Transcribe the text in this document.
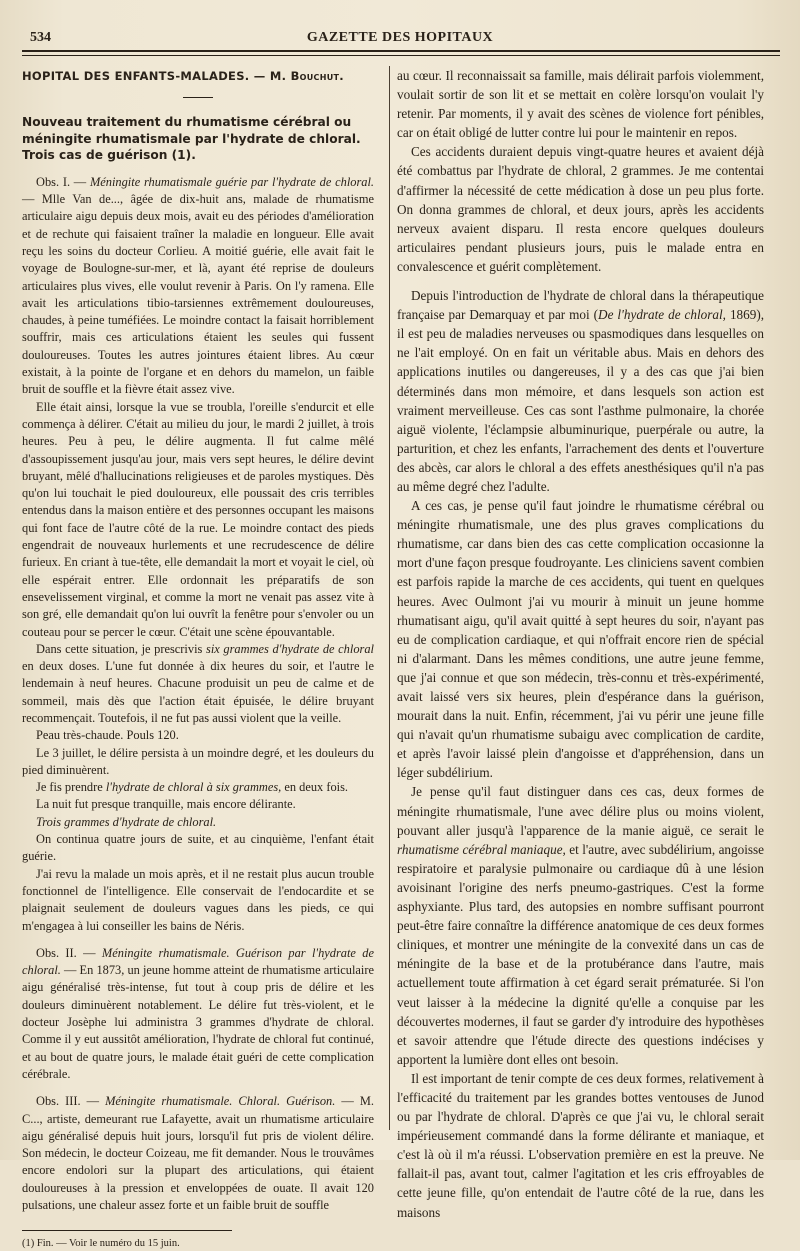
534	GAZETTE DES HOPITAUX

HOPITAL DES ENFANTS-MALADES. — M. Bouchut.

Nouveau traitement du rhumatisme cérébral ou méningite rhumatismale par l'hydrate de chloral. Trois cas de guérison (1).

Obs. I. — Méningite rhumatismale guérie par l'hydrate de chloral. — Mlle Van de..., âgée de dix-huit ans, malade de rhumatisme articulaire aigu depuis deux mois, avait eu des périodes d'amélioration et de rechute qui faisaient traîner la maladie en longueur. Elle avait reçu les soins du docteur Corlieu. A moitié guérie, elle avait fait le voyage de Boulogne-sur-mer, et là, ayant été reprise de douleurs articulaires plus vives, elle voulut revenir à Paris. On l'y ramena. Elle avait les articulations tibio-tarsiennes extrêmement douloureuses, chaudes, à peine tuméfiées. Le moindre contact la faisait horriblement souffrir, mais ces articulations étaient les seules qui fussent douloureuses. Toutes les autres jointures étaient libres. Au cœur existait, à la pointe de l'organe et en dehors du mamelon, un faible bruit de souffle et la fièvre était assez vive.

Elle était ainsi, lorsque la vue se troubla, l'oreille s'endurcit et elle commença à délirer. C'était au milieu du jour, le mardi 2 juillet, à trois heures. Peu à peu, le délire augmenta. Il fut calme mêlé d'assoupissement jusqu'au jour, mais vers sept heures, le délire devint bruyant, mêlé d'hallucinations religieuses et de paroles mystiques. Dès qu'on lui touchait le pied douloureux, elle poussait des cris terribles entendus dans la maison entière et des personnes occupant les maisons qui font face de l'autre côté de la rue. Le moindre contact des pieds engendrait de nouveaux hurlements et une recrudescence de délire furieux. En criant à tue-tête, elle demandait la mort et voyait le ciel, où elle espérait entrer. Elle ordonnait les préparatifs de son ensevelissement virginal, et comme la mort ne venait pas assez vite à son gré, elle demandait qu'on lui ouvrît la fenêtre pour s'envoler ou un couteau pour se percer le cœur. C'était une scène épouvantable.

Dans cette situation, je prescrivis six grammes d'hydrate de chloral en deux doses. L'une fut donnée à dix heures du soir, et l'autre le lendemain à neuf heures. Chacune produisit un peu de calme et de sommeil, mais dès que l'action était épuisée, le délire bruyant recommençait. Toutefois, il ne fut pas aussi violent que la veille.

Peau très-chaude. Pouls 120.

Le 3 juillet, le délire persista à un moindre degré, et les douleurs du pied diminuèrent.

Je fis prendre l'hydrate de chloral à six grammes, en deux fois.

La nuit fut presque tranquille, mais encore délirante.

Trois grammes d'hydrate de chloral.

On continua quatre jours de suite, et au cinquième, l'enfant était guérie.

J'ai revu la malade un mois après, et il ne restait plus aucun trouble fonctionnel de l'intelligence. Elle conservait de l'endocardite et se plaignait seulement de douleurs vagues dans les pieds, ce qui m'engagea à lui conseiller les bains de Néris.

Obs. II. — Méningite rhumatismale. Guérison par l'hydrate de chloral. — En 1873, un jeune homme atteint de rhumatisme articulaire aigu généralisé très-intense, fut tout à coup pris de délire et les douleurs diminuèrent notablement. Le délire fut très-violent, et le docteur Josèphe lui administra 3 grammes d'hydrate de chloral. Comme il y eut aussitôt amélioration, l'hydrate de chloral fut continué, et au bout de quatre jours, le malade était guéri de cette complication cérébrale.

Obs. III. — Méningite rhumatismale. Chloral. Guérison. — M. C..., artiste, demeurant rue Lafayette, avait un rhumatisme articulaire aigu généralisé depuis huit jours, lorsqu'il fut pris de violent délire. Son médecin, le docteur Coizeau, me fit demander. Nous le trouvâmes encore endolori sur la plupart des articulations, qui étaient douloureuses à la pression et enveloppées de ouate. Il avait 120 pulsations, une chaleur assez forte et un faible bruit de souffle

(1) Fin. — Voir le numéro du 15 juin.

au cœur. Il reconnaissait sa famille, mais délirait parfois violemment, voulait sortir de son lit et se mettait en colère lorsqu'on voulait l'y retenir. Par moments, il y avait des scènes de violence fort pénibles, car on était obligé de lutter contre lui pour le maintenir en repos.

Ces accidents duraient depuis vingt-quatre heures et avaient déjà été combattus par l'hydrate de chloral, 2 grammes. Je me contentai d'affirmer la nécessité de cette médication à dose un peu plus forte. On donna grammes de chloral, et deux jours, après les accidents nerveux avaient disparu. Il resta encore quelques douleurs articulaires pendant plusieurs jours, puis le malade entra en convalescence et guérit complètement.

Depuis l'introduction de l'hydrate de chloral dans la thérapeutique française par Demarquay et par moi (De l'hydrate de chloral, 1869), il est peu de maladies nerveuses ou spasmodiques dans lesquelles on ne l'ait employé. On en fait un véritable abus. Mais en dehors des applications inutiles ou dangereuses, il y a des cas que j'ai bien déterminés dans mon mémoire, et dans lesquels son action est vraiment merveilleuse. Ces cas sont l'asthme pulmonaire, la chorée aiguë violente, l'éclampsie albuminurique, puerpérale ou autre, la parturition, et chez les enfants, l'arrachement des dents et l'ouverture des abcès, car alors le chloral a des effets anesthésiques qu'il n'a pas au même degré chez l'adulte.

A ces cas, je pense qu'il faut joindre le rhumatisme cérébral ou méningite rhumatismale, une des plus graves complications du rhumatisme, car dans bien des cas cette complication occasionne la mort d'une façon presque foudroyante. Les cliniciens savent combien est parfois rapide la marche de ces accidents, qui tuent en quelques heures. Avec Oulmont j'ai vu mourir à minuit un jeune homme rhumatisant aigu, qu'il avait quitté à sept heures du soir, n'ayant pas eu de complication cardiaque, et qui n'offrait encore rien de spécial ni d'alarmant. Dans les mêmes conditions, une autre jeune femme, que j'ai connue et que son médecin, très-connu et très-expérimenté, avait laissé vers six heures, plein d'espérance dans la guérison, mourait dans la nuit. Enfin, récemment, j'ai vu périr une jeune fille qui n'avait qu'un rhumatisme subaigu avec complication de cardite, et après l'avoir laissé plein d'angoisse et d'appréhension, dans un léger subdélirium.

Je pense qu'il faut distinguer dans ces cas, deux formes de méningite rhumatismale, l'une avec délire plus ou moins violent, pouvant aller jusqu'à l'apparence de la manie aiguë, ce serait le rhumatisme cérébral maniaque, et l'autre, avec subdélirium, angoisse respiratoire et paralysie pulmonaire ou cardiaque dû à une lésion avoisinant l'origine des nerfs pneumo-gastriques. C'est la forme asphyxiante. Plus tard, des autopsies en nombre suffisant pourront peut-être faire connaître la différence anatomique de ces deux formes cliniques, et montrer une méningite de la convexité dans un cas de méningite de la base et de la protubérance dans l'autre, mais actuellement toute affirmation à cet égard serait prématurée. Si l'on veut laisser à la médecine la dignité qu'elle a conquise par les découvertes modernes, il faut se garder d'y introduire des hypothèses et savoir attendre que l'étude directe des questions indécises y apportent la lumière dont elles ont besoin.

Il est important de tenir compte de ces deux formes, relativement à l'efficacité du traitement par les grandes bottes ventouses de Junod ou par l'hydrate de chloral. D'après ce que j'ai vu, le chloral serait impérieusement commandé dans la forme délirante et maniaque, et c'est là où il m'a réussi. L'observation première en est la preuve. Ne fallait-il pas, avant tout, calmer l'agitation et les cris effroyables de cette jeune fille, qu'on entendait de l'autre côté de la rue, dans les maisons
